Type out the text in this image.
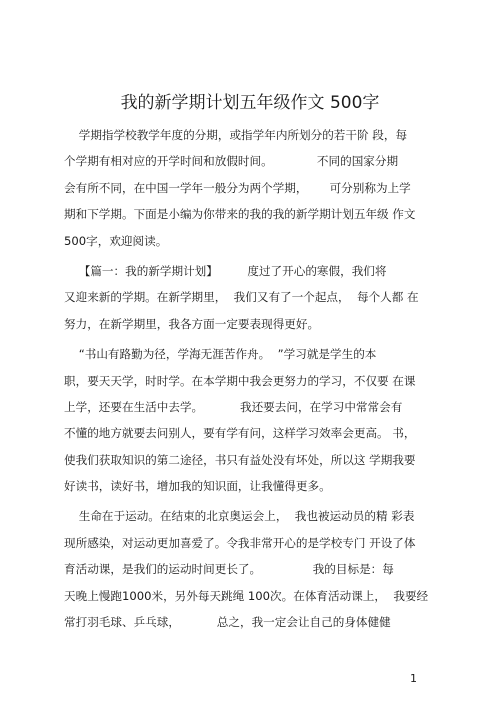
我的新学期计划五年级作文 500字
学期指学校教学年度的分期，或指学年内所划分的若干阶 段，每
个学期有相对应的开学时间和放假时间。            不同的国家分期
会有所不同，在中国一学年一般分为两个学期，      可分别称为上学
期和下学期。下面是小编为你带来的我的我的新学期计划五年级 作文
500字，欢迎阅读。
【篇一：我的新学期计划】        度过了开心的寒假，我们将
又迎来新的学期。在新学期里，  我们又有了一个起点，  每个人都 在
努力，在新学期里，我各方面一定要表现得更好。
“书山有路勤为径，学海无涯苦作舟。  ”学习就是学生的本
职，要天天学，时时学。在本学期中我会更努力的学习，不仅要 在课
上学，还要在生活中去学。          我还要去问，在学习中常常会有
不懂的地方就要去问别人，要有学有问，这样学习效率会更高。 书，
使我们获取知识的第二途径，书只有益处没有坏处，所以这 学期我要
好读书，读好书，增加我的知识面，让我懂得更多。
生命在于运动。在结束的北京奥运会上，  我也被运动员的精 彩表
现所感染，对运动更加喜爱了。令我非常开心的是学校专门 开设了体
育活动课，是我们的运动时间更长了。              我的目标是：每
天晚上慢跑1000米，另外每天跳绳 100次。在体育活动课上，  我要经
常打羽毛球、乒乓球，          总之，我一定会让自己的身体健健
1
